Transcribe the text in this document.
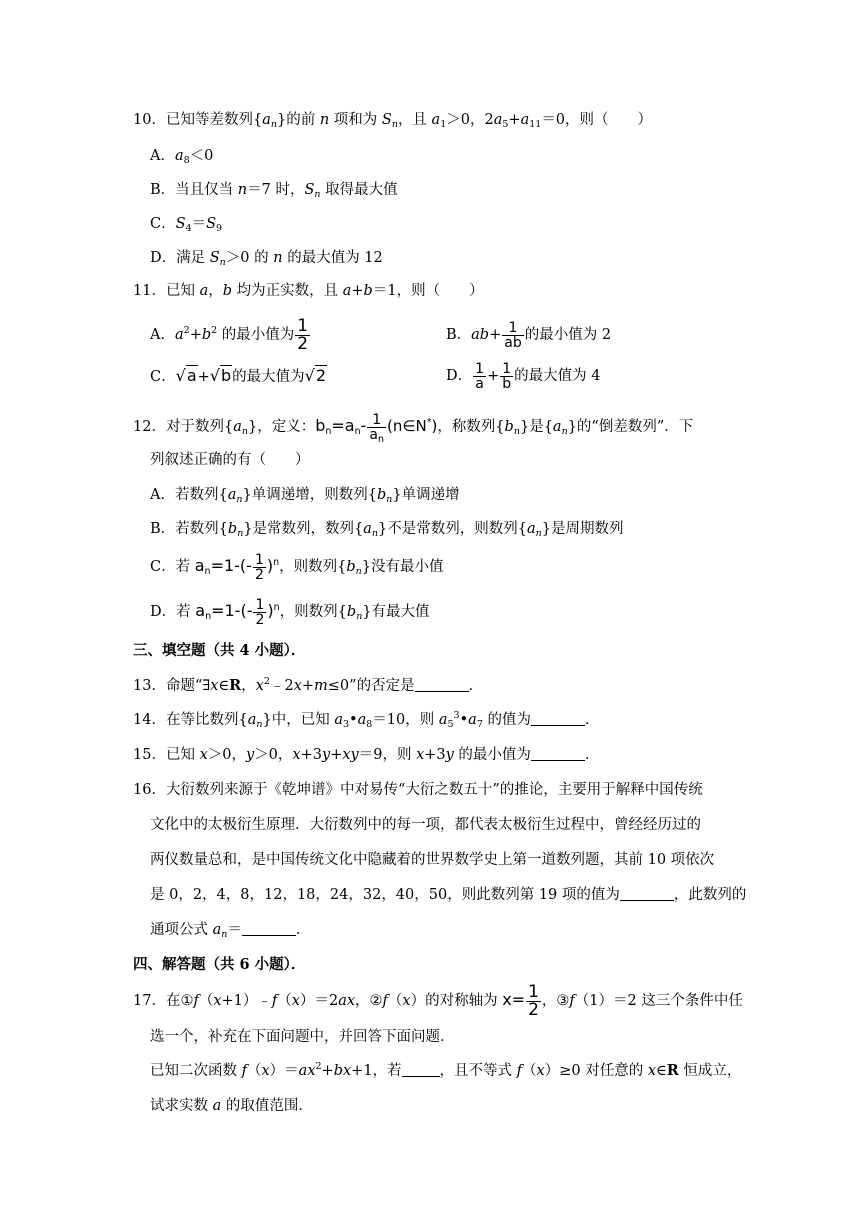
10．已知等差数列$\{a_n\}$的前 n 项和为 $S_n$，且 $a_1>0$，$2a_5+a_{11}=0$，则（　　）
A．$a_8<0$
B．当且仅当 n＝7 时，$S_n$ 取得最大值
C．$S_4=S_9$
D．满足 $S_n>0$ 的 n 的最大值为 12
11．已知 a，b 均为正实数，且 a+b＝1，则（　　）
A．$a^2+b^2$ 的最小值为 $\frac{1}{2}$	B．$ab+ \frac{1}{ab}$ 的最小值为 2
C．√a+√b的最大值为√2	D． $\frac{1}{a} + \frac{1}{b}$ 的最大值为 4
12．对于数列$\{a_n\}$，定义：$b_n=a_n- \frac{1}{a_n}$ (n∈N*)，称数列$\{b_n\}$是$\{a_n\}$的“倒差数列”．下
列叙述正确的有（　　）
A．若数列$\{a_n\}$单调递增，则数列$\{b_n\}$单调递增
B．若数列$\{b_n\}$是常数列，数列$\{a_n\}$不是常数列，则数列$\{a_n\}$是周期数列
C．若 $a_n=1-(- \frac{1}{2} )^n$，则数列$\{b_n\}$没有最小值
D．若 $a_n=1-(- \frac{1}{2} )^n$，则数列$\{b_n\}$有最大值
三、填空题（共 4 小题）．
13．命题“∃x∈R，$x^2﹣2x+m\le 0$”的否定是	．
14．在等比数列$\{a_n\}$中，已知 $a_3•a_8=10$，则 $a_5^3•a_7$ 的值为	．
15．已知 x＞0，y＞0，x+3y+xy＝9，则 x+3y 的最小值为	．
16．大衍数列来源于《乾坤谱》中对易传“大衍之数五十”的推论，主要用于解释中国传统
文化中的太极衍生原理．大衍数列中的每一项，都代表太极衍生过程中，曾经经历过的
两仪数量总和，是中国传统文化中隐藏着的世界数学史上第一道数列题，其前 10 项依次
是 0，2，4，8，12，18，24，32，40，50，则此数列第 19 项的值为	，此数列的
通项公式 $a_n=$	．
四、解答题（共 6 小题）．
17．在①f（x+1）﹣f（x）＝2ax，②f（x）的对称轴为 $x= \frac{1}{2}$ ，③f（1）＝2 这三个条件中任
选一个，补充在下面问题中，并回答下面问题．
已知二次函数 $f(x)=ax^2+bx+1$，若	，且不等式 f（x）≥0 对任意的 x∈R 恒成立，
试求实数 a 的取值范围．
